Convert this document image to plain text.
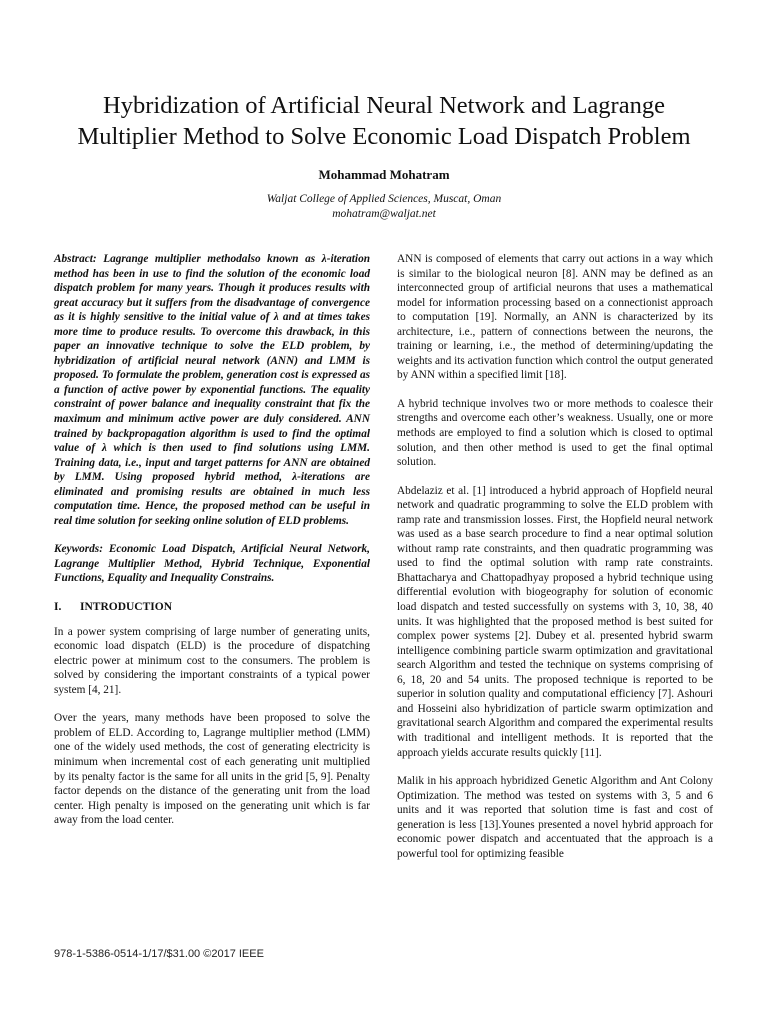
Hybridization of Artificial Neural Network and Lagrange
Multiplier Method to Solve Economic Load Dispatch Problem
Mohammad Mohatram
Waljat College of Applied Sciences, Muscat, Oman
mohatram@waljat.net

Abstract: Lagrange multiplier methodalso known as λ-iteration method has been in use to find the solution of the economic load dispatch problem for many years. Though it produces results with great accuracy but it suffers from the disadvantage of convergence as it is highly sensitive to the initial value of λ and at times takes more time to produce results. To overcome this drawback, in this paper an innovative technique to solve the ELD problem, by hybridization of artificial neural network (ANN) and LMM is proposed. To formulate the problem, generation cost is expressed as a function of active power by exponential functions. The equality constraint of power balance and inequality constraint that fix the maximum and minimum active power are duly considered. ANN trained by backpropagation algorithm is used to find the optimal value of λ which is then used to find solutions using LMM. Training data, i.e., input and target patterns for ANN are obtained by LMM. Using proposed hybrid method, λ-iterations are eliminated and promising results are obtained in much less computation time. Hence, the proposed method can be useful in real time solution for seeking online solution of ELD problems.

Keywords: Economic Load Dispatch, Artificial Neural Network, Lagrange Multiplier Method, Hybrid Technique, Exponential Functions, Equality and Inequality Constrains.

I. INTRODUCTION

In a power system comprising of large number of generating units, economic load dispatch (ELD) is the procedure of dispatching electric power at minimum cost to the consumers. The problem is solved by considering the important constraints of a typical power system [4, 21].

Over the years, many methods have been proposed to solve the problem of ELD. According to, Lagrange multiplier method (LMM) one of the widely used methods, the cost of generating electricity is minimum when incremental cost of each generating unit multiplied by its penalty factor is the same for all units in the grid [5, 9]. Penalty factor depends on the distance of the generating unit from the load center. High penalty is imposed on the generating unit which is far away from the load center.

ANN is composed of elements that carry out actions in a way which is similar to the biological neuron [8]. ANN may be defined as an interconnected group of artificial neurons that uses a mathematical model for information processing based on a connectionist approach to computation [19]. Normally, an ANN is characterized by its architecture, i.e., pattern of connections between the neurons, the training or learning, i.e., the method of determining/updating the weights and its activation function which control the output generated by ANN within a specified limit [18].

A hybrid technique involves two or more methods to coalesce their strengths and overcome each other’s weakness. Usually, one or more methods are employed to find a solution which is closed to optimal solution, and then other method is used to get the final optimal solution.

Abdelaziz et al. [1] introduced a hybrid approach of Hopfield neural network and quadratic programming to solve the ELD problem with ramp rate and transmission losses. First, the Hopfield neural network was used as a base search procedure to find a near optimal solution without ramp rate constraints, and then quadratic programming was used to find the optimal solution with ramp rate constraints. Bhattacharya and Chattopadhyay proposed a hybrid technique using differential evolution with biogeography for solution of economic load dispatch and tested successfully on systems with 3, 10, 38, 40 units. It was highlighted that the proposed method is best suited for complex power systems [2]. Dubey et al. presented hybrid swarm intelligence combining particle swarm optimization and gravitational search Algorithm and tested the technique on systems comprising of 6, 18, 20 and 54 units. The proposed technique is reported to be superior in solution quality and computational efficiency [7]. Ashouri and Hosseini also hybridization of particle swarm optimization and gravitational search Algorithm and compared the experimental results with traditional and intelligent methods. It is reported that the approach yields accurate results quickly [11].

Malik in his approach hybridized Genetic Algorithm and Ant Colony Optimization. The method was tested on systems with 3, 5 and 6 units and it was reported that solution time is fast and cost of generation is less [13].Younes presented a novel hybrid approach for economic power dispatch and accentuated that the approach is a powerful tool for optimizing feasible

978-1-5386-0514-1/17/$31.00 ©2017 IEEE
